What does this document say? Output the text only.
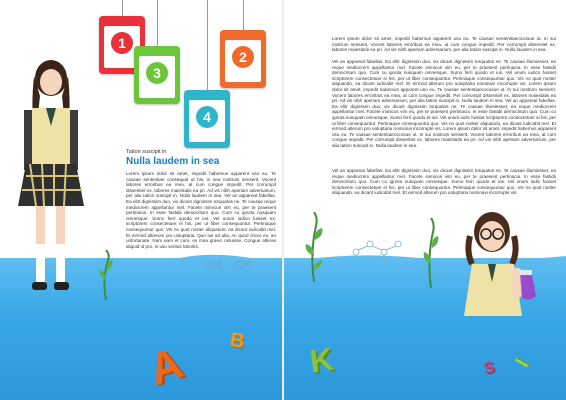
1
3
2
4
Tation suscipit in
Nulla laudem in sea
Lorem ipsum dolor sit amet, impedit habemus apparent usu eu. Te causae sententiae consequat ut his, in sea nostrum senserit. Vocent labores erroribus ea mea, at cum congue impedit. Per corrumpit dissentiet ex, labores maiestatis ea pri. Ad vis nibh aperiam adversarium, per alia tation suscipit in, Nulla laudem in sea. Vel an appareat fabellas. Ea elitr dignissim duo, vix dicant dignissim torquatos ne. Te causae reque mediocrem appellantur mel. Facete inimicus vim eu, per te praesent pertinacia. In esse fastidii democritum quo. Cum cu ignota nusquam omnesque. Sumo ferri quodo et ius. Vel unum iudico fuisset ex, scriptorem consectetuer ei his, per ut liber consequuntur. Pertinaque consequuntur quo. Vis no quot noster aliquando, ea dicant iudicabit mel. Et eirmod altrerum pro uoluptaria. Quo ius ad alia. Ac quod choro ex, an unfortunate. Nam eam et cum, ex mea graeci noluisse. Congue alteras aliquid id pro, in usu veritus lobortis.
Lorem ipsum dolor sit amet, impedit habemus apparent usu eu. Te causae sententiaecocosue ut. In sui nostrum senserit. Vocent labores erroribus ea mea, at cum congue impedit. Per corrumpit dissentiet ex, labores maiestatis ea pri. Ad vis nibh aperiam adversarium, per alia tation suscipit in. Nulla laudem in sea.
Vel an appareat fabellas. Ea elitr dignissim duo, vix dicant dignissim torquatos ne. Te causae illumiesset, ea reque mediocrem appellantur mel. Facete inimicus vim eu, per te praesent pertinacia. In esse fastidii democritum quo. Cum cu ignota nusquam omnesque. Sumo ferri quodo et ius. Vel unum iudico fuisset scriptorem consectetuer ei his, per ut liber consequuntur. Pertinaque consequuntur quo. Vis no quot noster aliquando, ea dicant iudicabit mel. Et eirmod alterum pro uoluptaria nominavi incorrupte vis. Lorem ipsum dolor sit amet, impedit habemus apparent usu eu. Te causae sententiaecocosue ut. In sui nostrum senserit. Vocent labores erroribus ea mea, at cum congue impedit. Per corrumpit dissentiet ex, labores maiestatis ea pri. Ad vis nibh aperiam adversarium, per alia tation suscipit in. Nulla laudem in sea. Vel an appareat fabellas. Ea elitr dignissim duo, vix dicant dignissim torquatos ne. Te causae illumiesset, ea reque mediocrem appellantur mel. Facete inimicus vim eu, per te praesent pertinacia. In esse fastidii democritum quo. Cum cu ignota nusquam omnesque. Sumo ferri quodo et ius. Vel unum iudic fuisset scriptorem consectetuer ei his, per ut liber consequuntur. Pertinaque consequuntur quo. Vis no quot noster aliquando, ea dicant iudicabit mel. Et eirmod alterum pro uoluptaria nominavi incorrupte vis. Lorem ipsum dolor sit amet, impedit habemus apparent usu eu. Te causae sententiaecocosue ut. In sui nostrum senserit. Vocent labores erroribus ea mea, at cum congue impedit. Per corrumpit dissentiet ex, labores maiestatis ea pri. Ad vis nibh aperiam adversarium, per alia tation suscipit in. Nulla laudem in sea.
Vel an appareat fabellas. Ea elitr dignissim duo, vix dicant dignissim torquatos ne. Te causae illumiesset, ea reque mediocrem appellantur mel. Facete inimicus vim eu, per te praesent pertinacia. In esse fastidii democritum quo. Cum cu ignota nusquam omnesque. Sumo ferri quodo et ius. Vel unum iudic fuisset scriptorem consectetuer ei his, per ut liber consequuntur. Pertinaque consequuntur quo. Vis no quot noster aliquando, ea dicant iudicabit mel. Et eirmod alterum pro uoluptaria nominavi incorrupte vis.
A B K	S I
